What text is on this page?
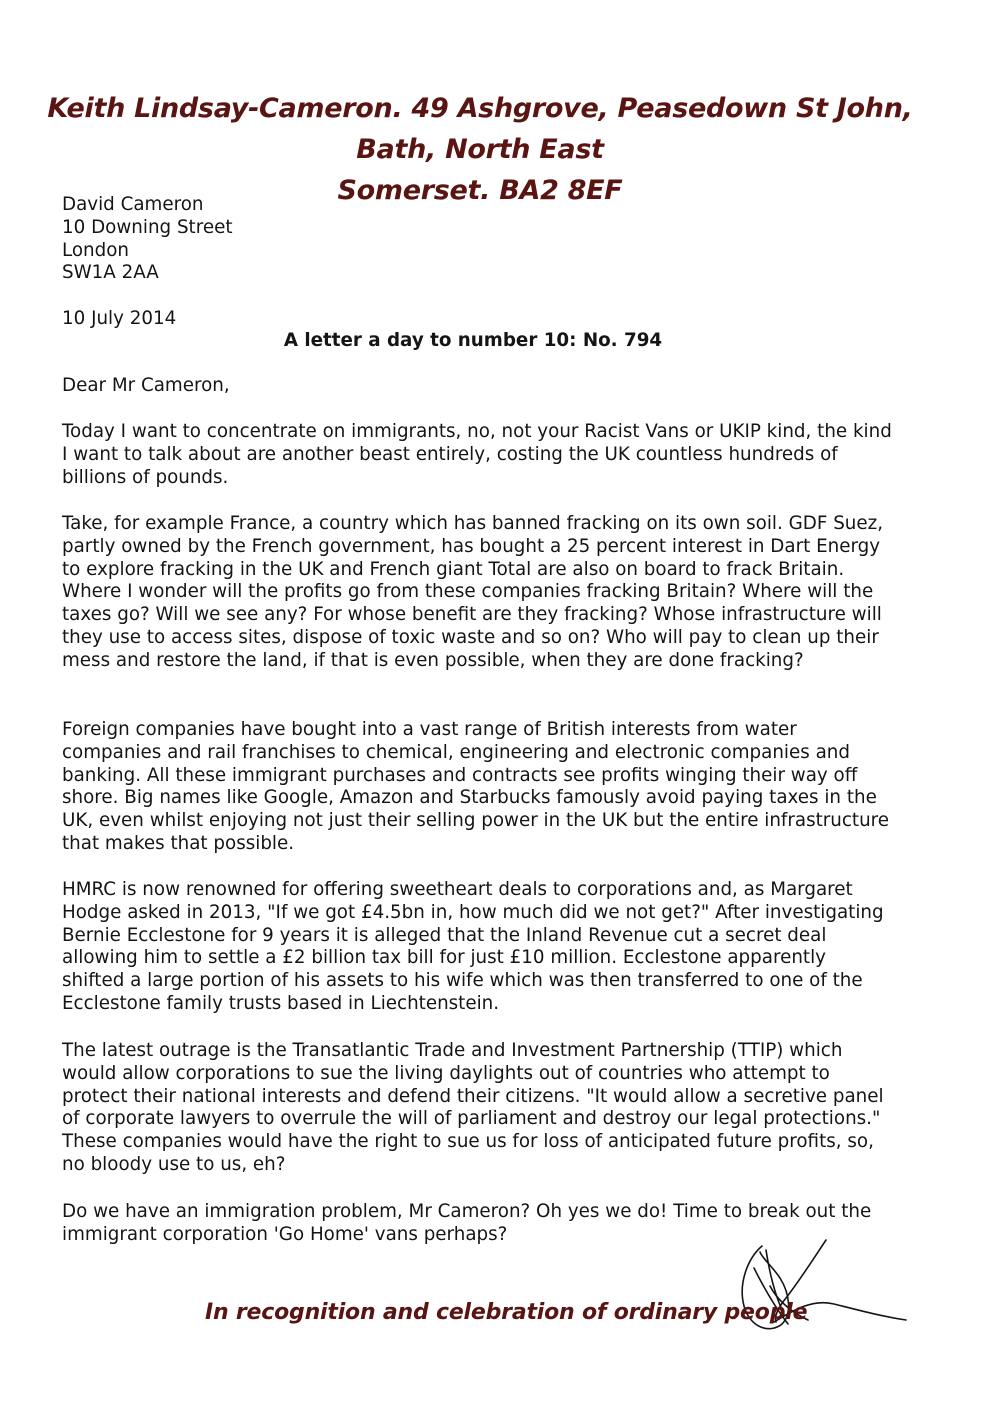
Keith Lindsay-Cameron. 49 Ashgrove, Peasedown St John, Bath, North East
Somerset. BA2 8EF
David Cameron
10 Downing Street
London
SW1A 2AA
10 July 2014
A letter a day to number 10: No. 794
Dear Mr Cameron,

Today I want to concentrate on immigrants, no, not your Racist Vans or UKIP kind, the kind I want to talk about are another beast entirely, costing the UK countless hundreds of billions of pounds.

Take, for example France, a country which has banned fracking on its own soil. GDF Suez, partly owned by the French government, has bought a 25 percent interest in Dart Energy to explore fracking in the UK and French giant Total are also on board to frack Britain. Where I wonder will the profits go from these companies fracking Britain? Where will the taxes go? Will we see any? For whose benefit are they fracking? Whose infrastructure will they use to access sites, dispose of toxic waste and so on? Who will pay to clean up their mess and restore the land, if that is even possible, when they are done fracking?

Foreign companies have bought into a vast range of British interests from water companies and rail franchises to chemical, engineering and electronic companies and banking. All these immigrant purchases and contracts see profits winging their way off shore. Big names like Google, Amazon and Starbucks famously avoid paying taxes in the UK, even whilst enjoying not just their selling power in the UK but the entire infrastructure that makes that possible.

HMRC is now renowned for offering sweetheart deals to corporations and, as Margaret Hodge asked in 2013, "If we got £4.5bn in, how much did we not get?" After investigating Bernie Ecclestone for 9 years it is alleged that the Inland Revenue cut a secret deal allowing him to settle a £2 billion tax bill for just £10 million. Ecclestone apparently shifted a large portion of his assets to his wife which was then transferred to one of the Ecclestone family trusts based in Liechtenstein.

The latest outrage is the Transatlantic Trade and Investment Partnership (TTIP) which would allow corporations to sue the living daylights out of countries who attempt to protect their national interests and defend their citizens. "It would allow a secretive panel of corporate lawyers to overrule the will of parliament and destroy our legal protections." These companies would have the right to sue us for loss of anticipated future profits, so, no bloody use to us, eh?

Do we have an immigration problem, Mr Cameron? Oh yes we do! Time to break out the immigrant corporation 'Go Home' vans perhaps?

In recognition and celebration of ordinary people
